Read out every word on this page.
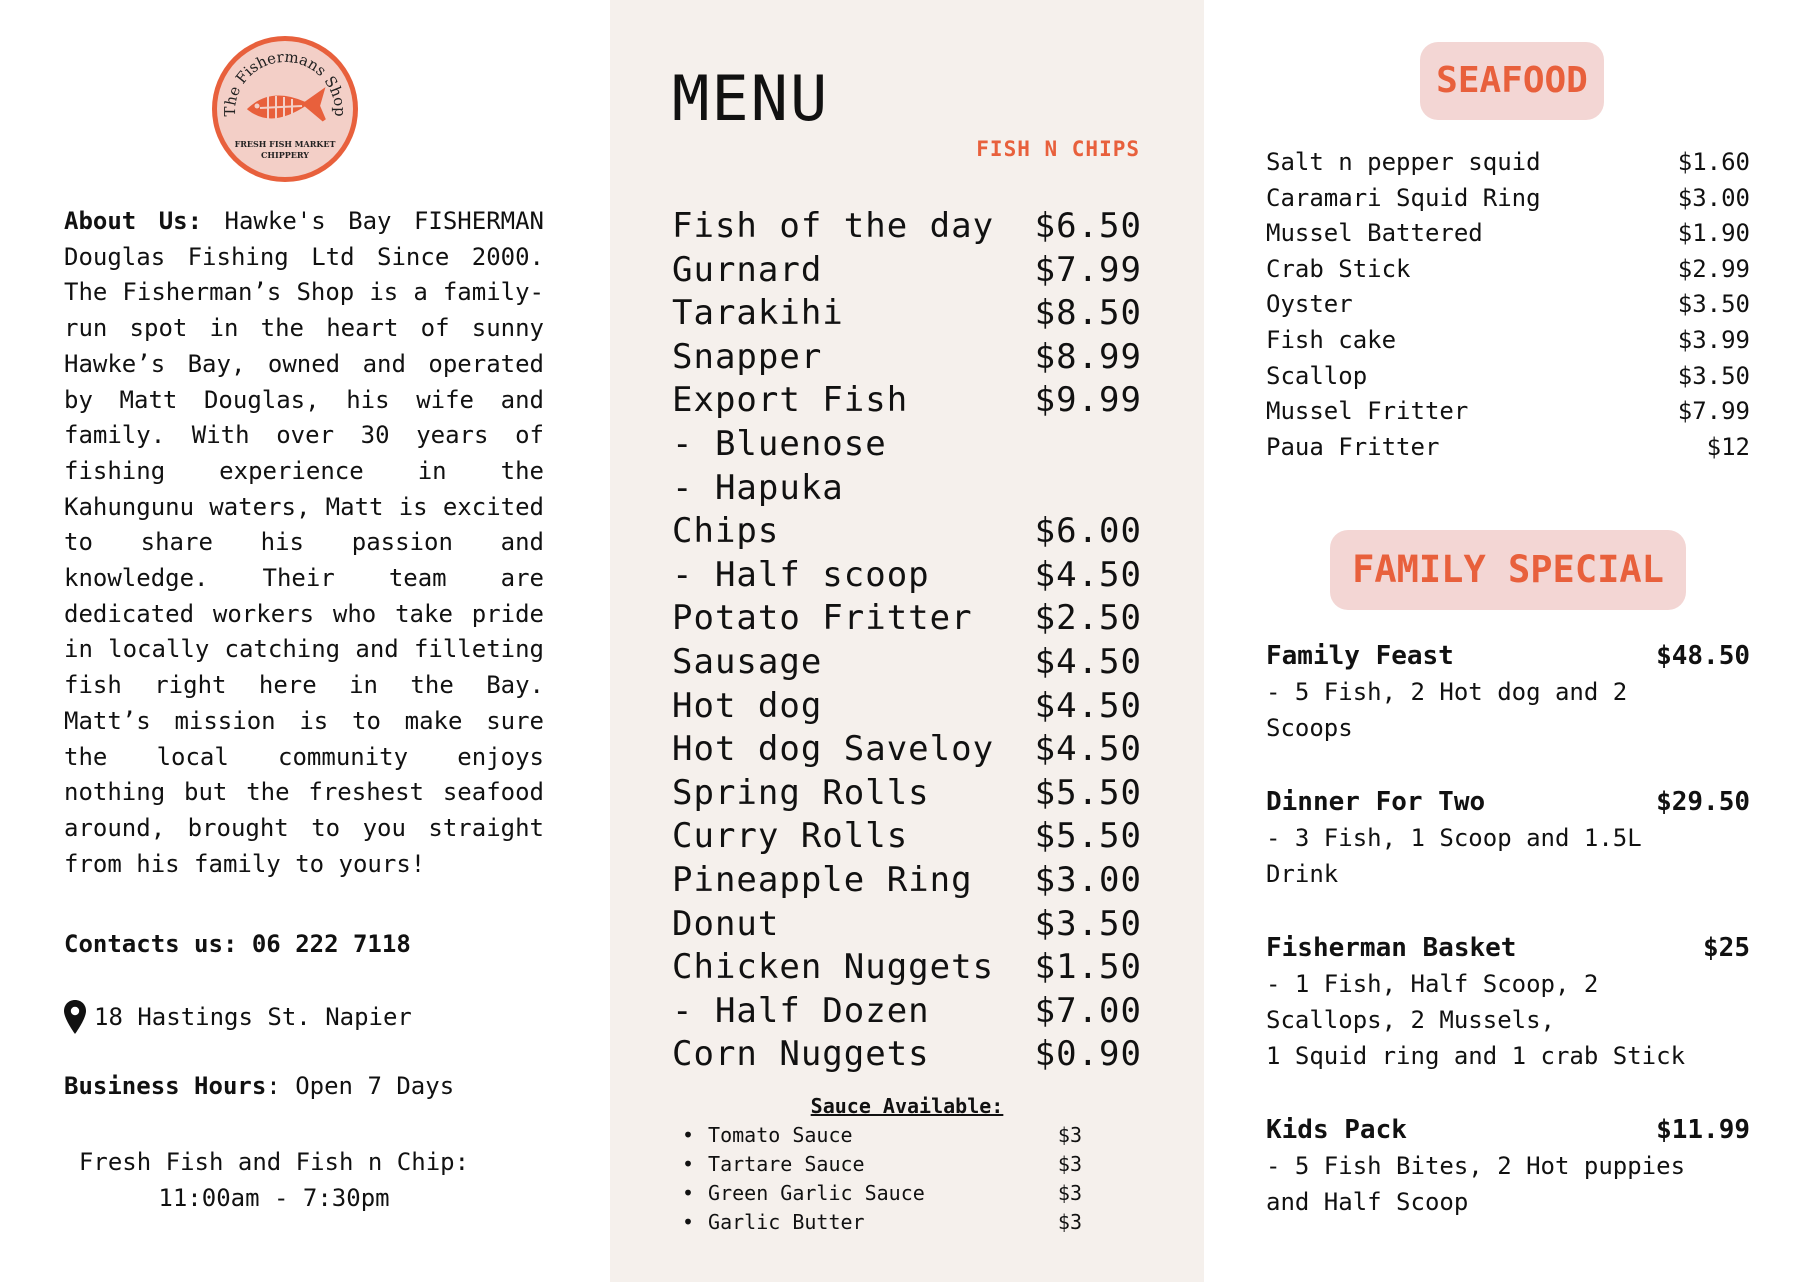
The Fishermans Shop
FRESH FISH MARKET
CHIPPERY
About Us: Hawke's Bay FISHERMAN Douglas Fishing Ltd Since 2000. The Fisherman’s Shop is a family-run spot in the heart of sunny Hawke’s Bay, owned and operated by Matt Douglas, his wife and family. With over 30 years of fishing experience in the Kahungunu waters, Matt is excited to share his passion and knowledge. Their team are dedicated workers who take pride in locally catching and filleting fish right here in the Bay. Matt’s mission is to make sure the local community enjoys nothing but the freshest seafood around, brought to you straight from his family to yours!
Contacts us: 06 222 7118
18 Hastings St. Napier
Business Hours: Open 7 Days
Fresh Fish and Fish n Chip:
11:00am - 7:30pm
MENU
FISH N CHIPS
Fish of the day $6.50
Gurnard	$7.99
Tarakihi	$8.50
Snapper	$8.99
Export Fish	$9.99
- Bluenose
- Hapuka
Chips	$6.00
- Half scoop	$4.50
Potato Fritter $2.50
Sausage	$4.50
Hot dog	$4.50
Hot dog Saveloy $4.50
Spring Rolls	$5.50
Curry Rolls	$5.50
Pineapple Ring $3.00
Donut	$3.50
Chicken Nuggets $1.50
- Half Dozen	$7.00
Corn Nuggets	$0.90
Sauce Available:
• Tomato Sauce	$3
• Tartare Sauce	$3
• Green Garlic Sauce	$3
• Garlic Butter	$3
SEAFOOD
Salt n pepper squid	$1.60
Caramari Squid Ring	$3.00
Mussel Battered	$1.90
Crab Stick	$2.99
Oyster	$3.50
Fish cake	$3.99
Scallop	$3.50
Mussel Fritter	$7.99
Paua Fritter	$12
FAMILY SPECIAL
Family Feast	$48.50
- 5 Fish, 2 Hot dog and 2
Scoops
Dinner For Two	$29.50
- 3 Fish, 1 Scoop and 1.5L
Drink
Fisherman Basket	$25
- 1 Fish, Half Scoop, 2
Scallops, 2 Mussels,
1 Squid ring and 1 crab Stick
Kids Pack	$11.99
- 5 Fish Bites, 2 Hot puppies
and Half Scoop
